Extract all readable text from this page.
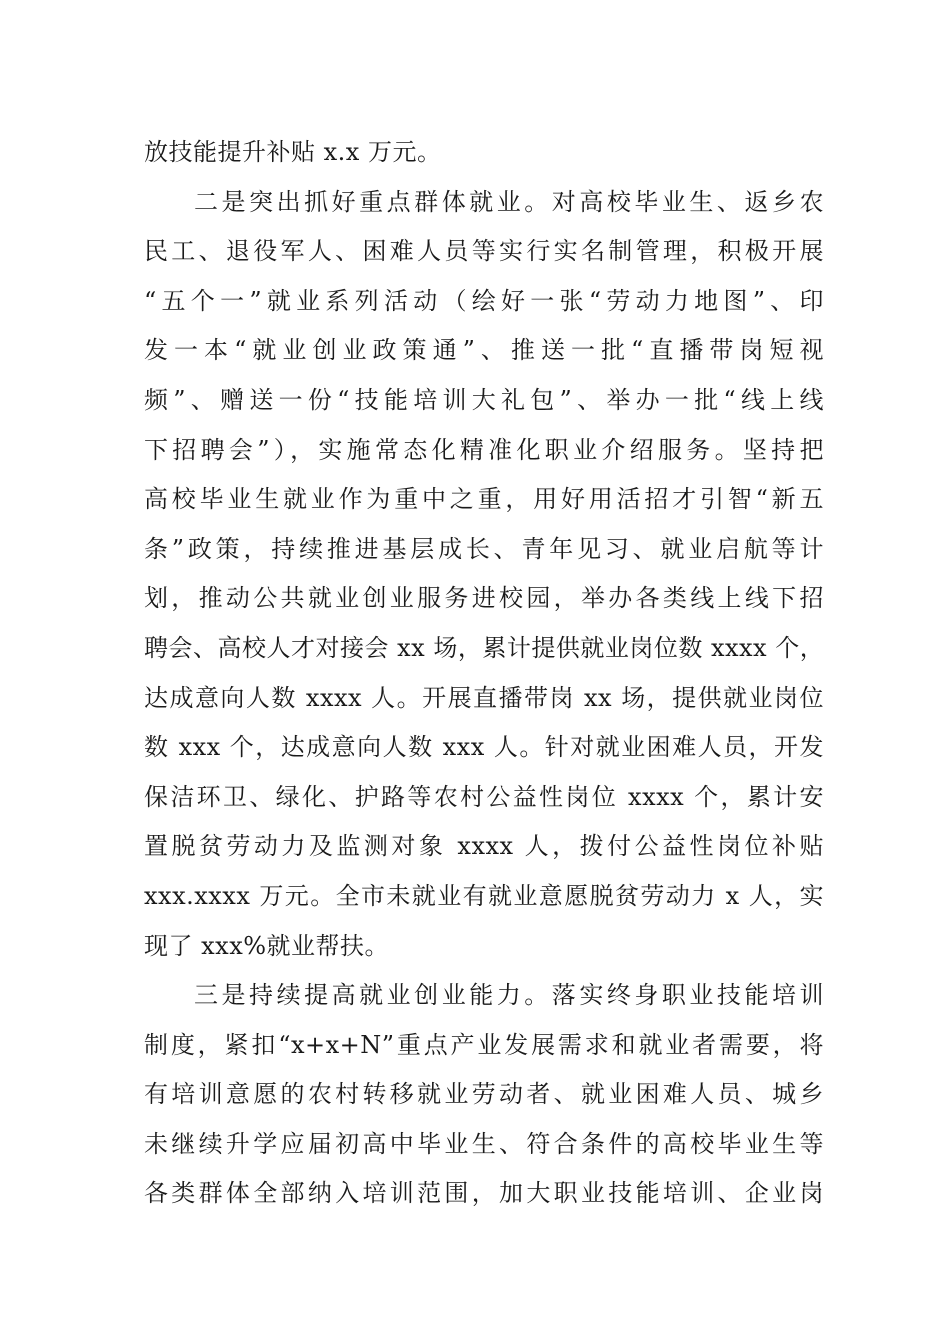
放技能提升补贴 x.x 万元。
二是突出抓好重点群体就业。对高校毕业生、返乡农
民工、退役军人、困难人员等实行实名制管理，积极开展
“五个一”就业系列活动（绘好一张“劳动力地图”、印
发一本“就业创业政策通”、推送一批“直播带岗短视
频”、赠送一份“技能培训大礼包”、举办一批“线上线
下招聘会”），实施常态化精准化职业介绍服务。坚持把
高校毕业生就业作为重中之重，用好用活招才引智“新五
条”政策，持续推进基层成长、青年见习、就业启航等计
划，推动公共就业创业服务进校园，举办各类线上线下招
聘会、高校人才对接会 xx 场，累计提供就业岗位数 xxxx 个，
达成意向人数 xxxx 人。开展直播带岗 xx 场，提供就业岗位
数 xxx 个，达成意向人数 xxx 人。针对就业困难人员，开发
保洁环卫、绿化、护路等农村公益性岗位 xxxx 个，累计安
置脱贫劳动力及监测对象 xxxx 人，拨付公益性岗位补贴
xxx.xxxx 万元。全市未就业有就业意愿脱贫劳动力 x 人，实
现了 xxx%就业帮扶。
三是持续提高就业创业能力。落实终身职业技能培训
制度，紧扣“x+x+N”重点产业发展需求和就业者需要，将
有培训意愿的农村转移就业劳动者、就业困难人员、城乡
未继续升学应届初高中毕业生、符合条件的高校毕业生等
各类群体全部纳入培训范围，加大职业技能培训、企业岗
